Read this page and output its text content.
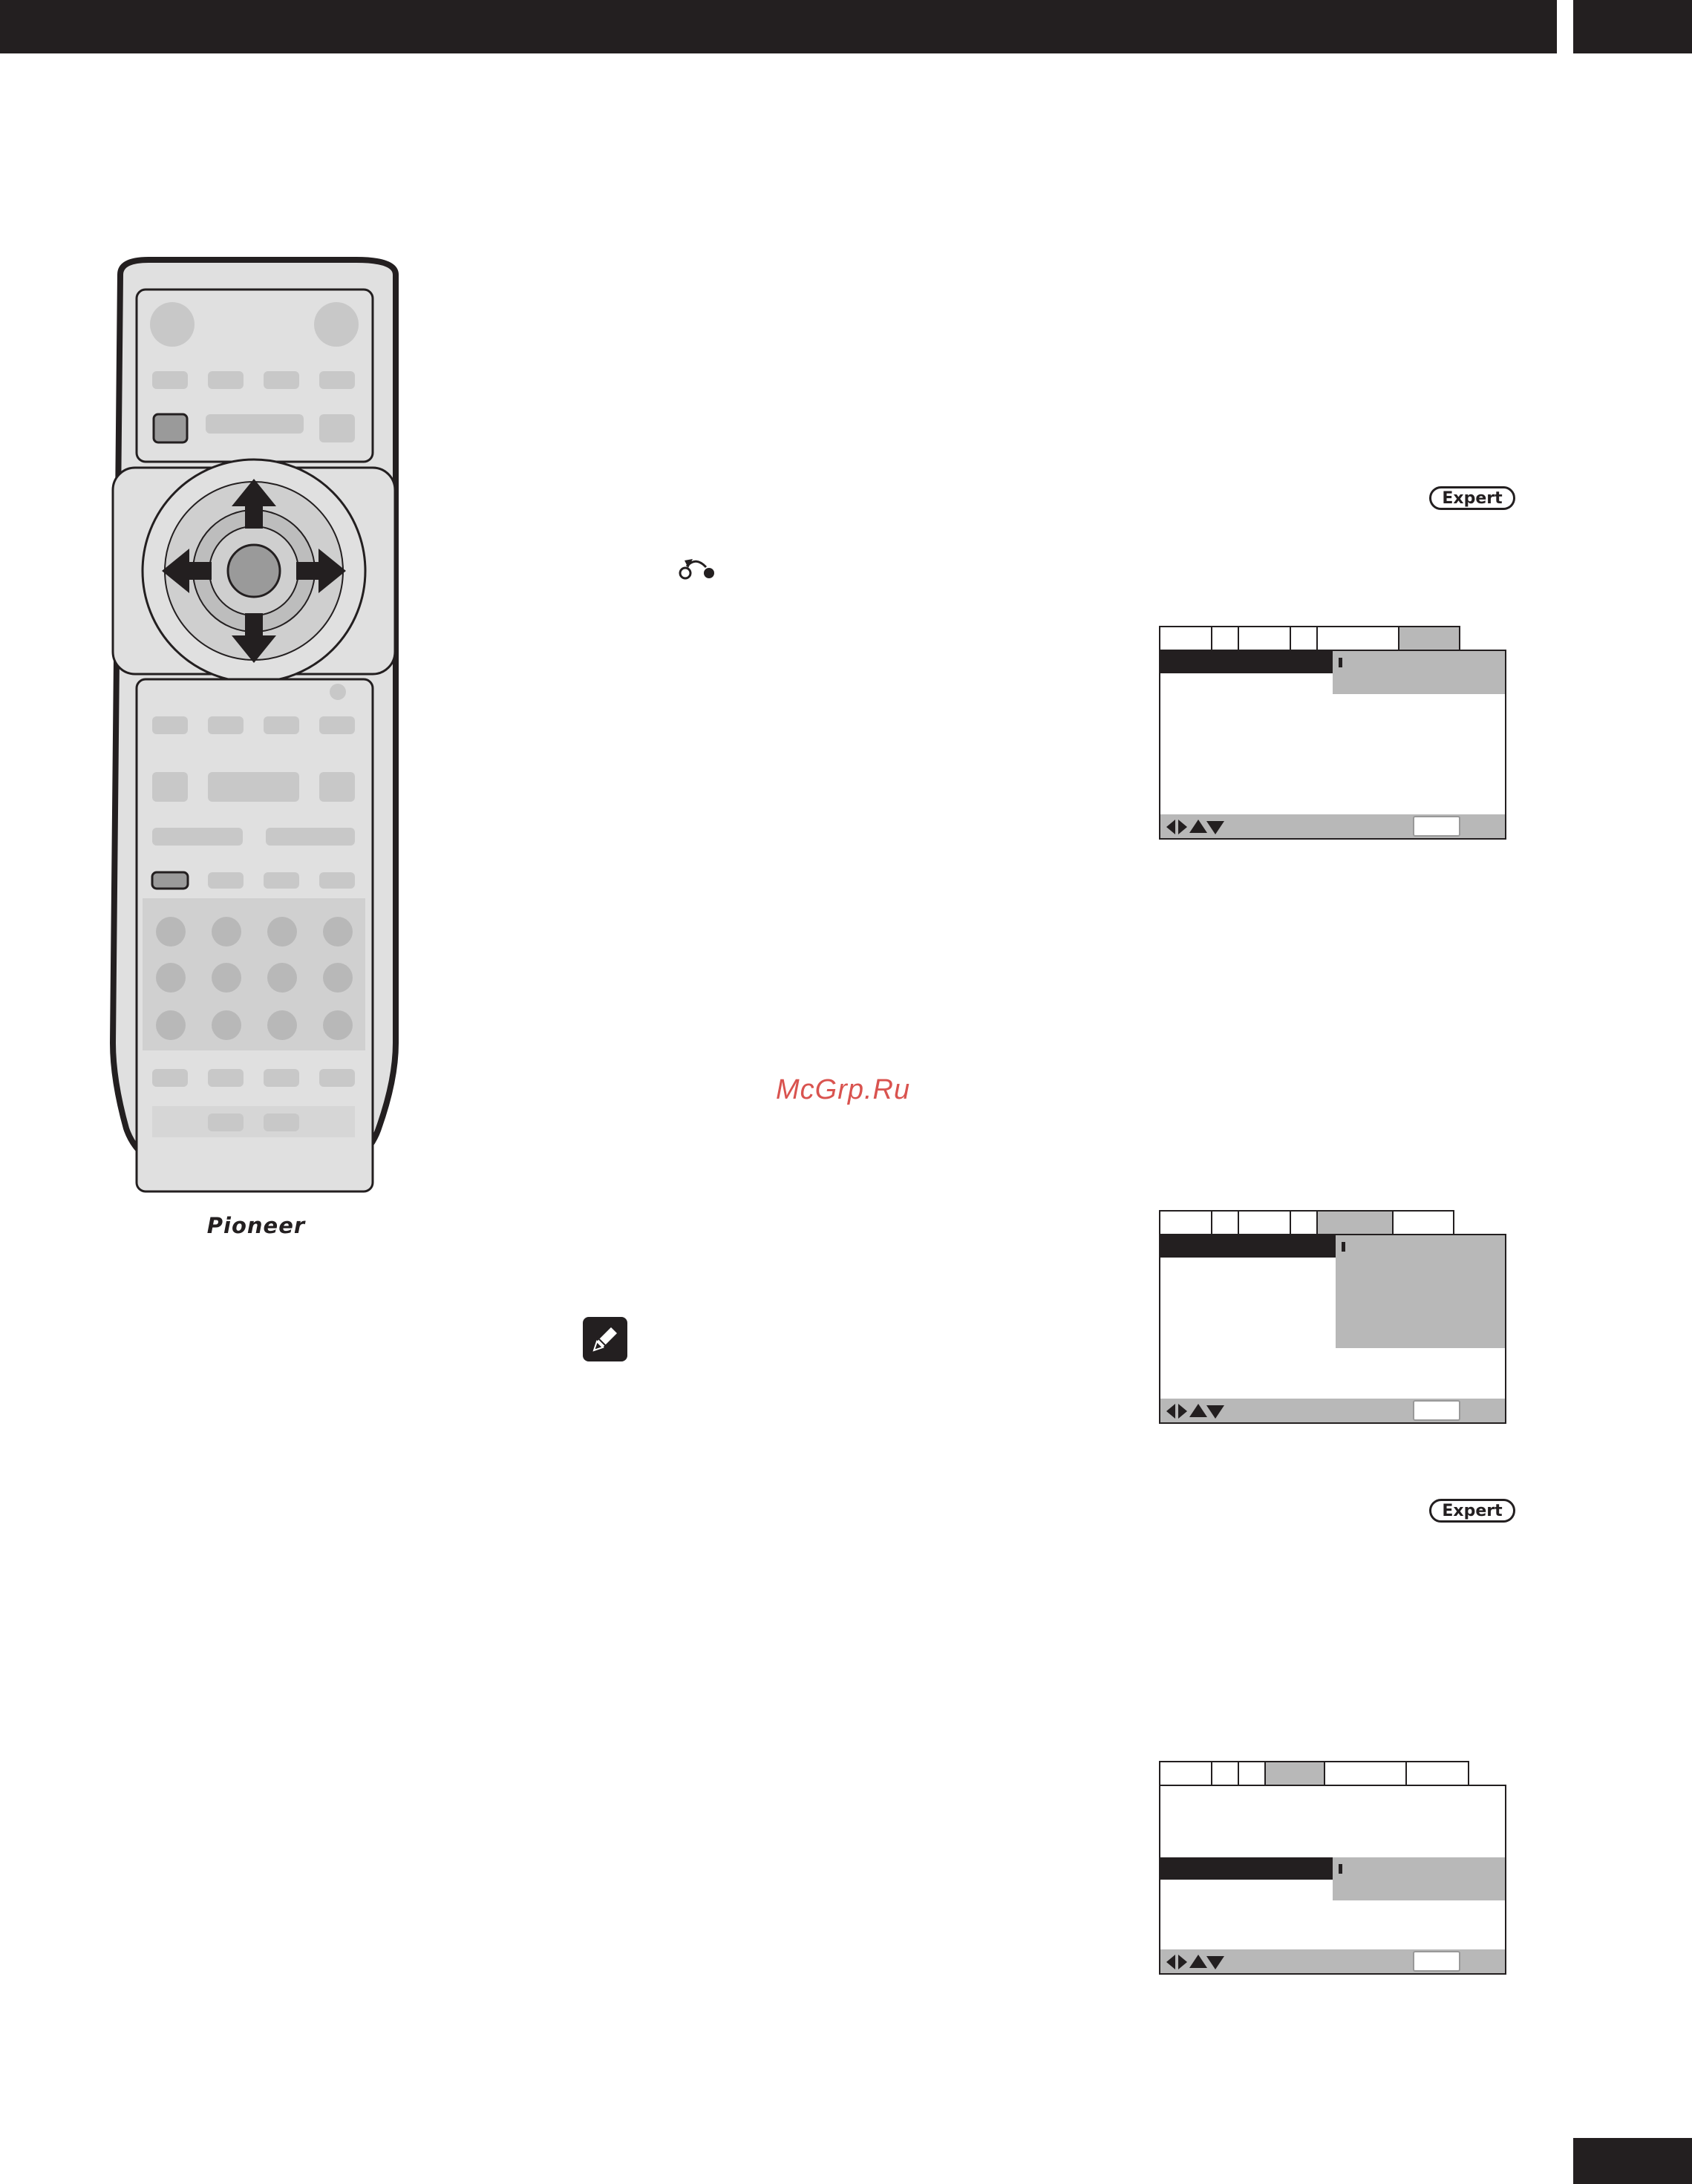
Pioneer
Expert
Expert
McGrp.Ru
